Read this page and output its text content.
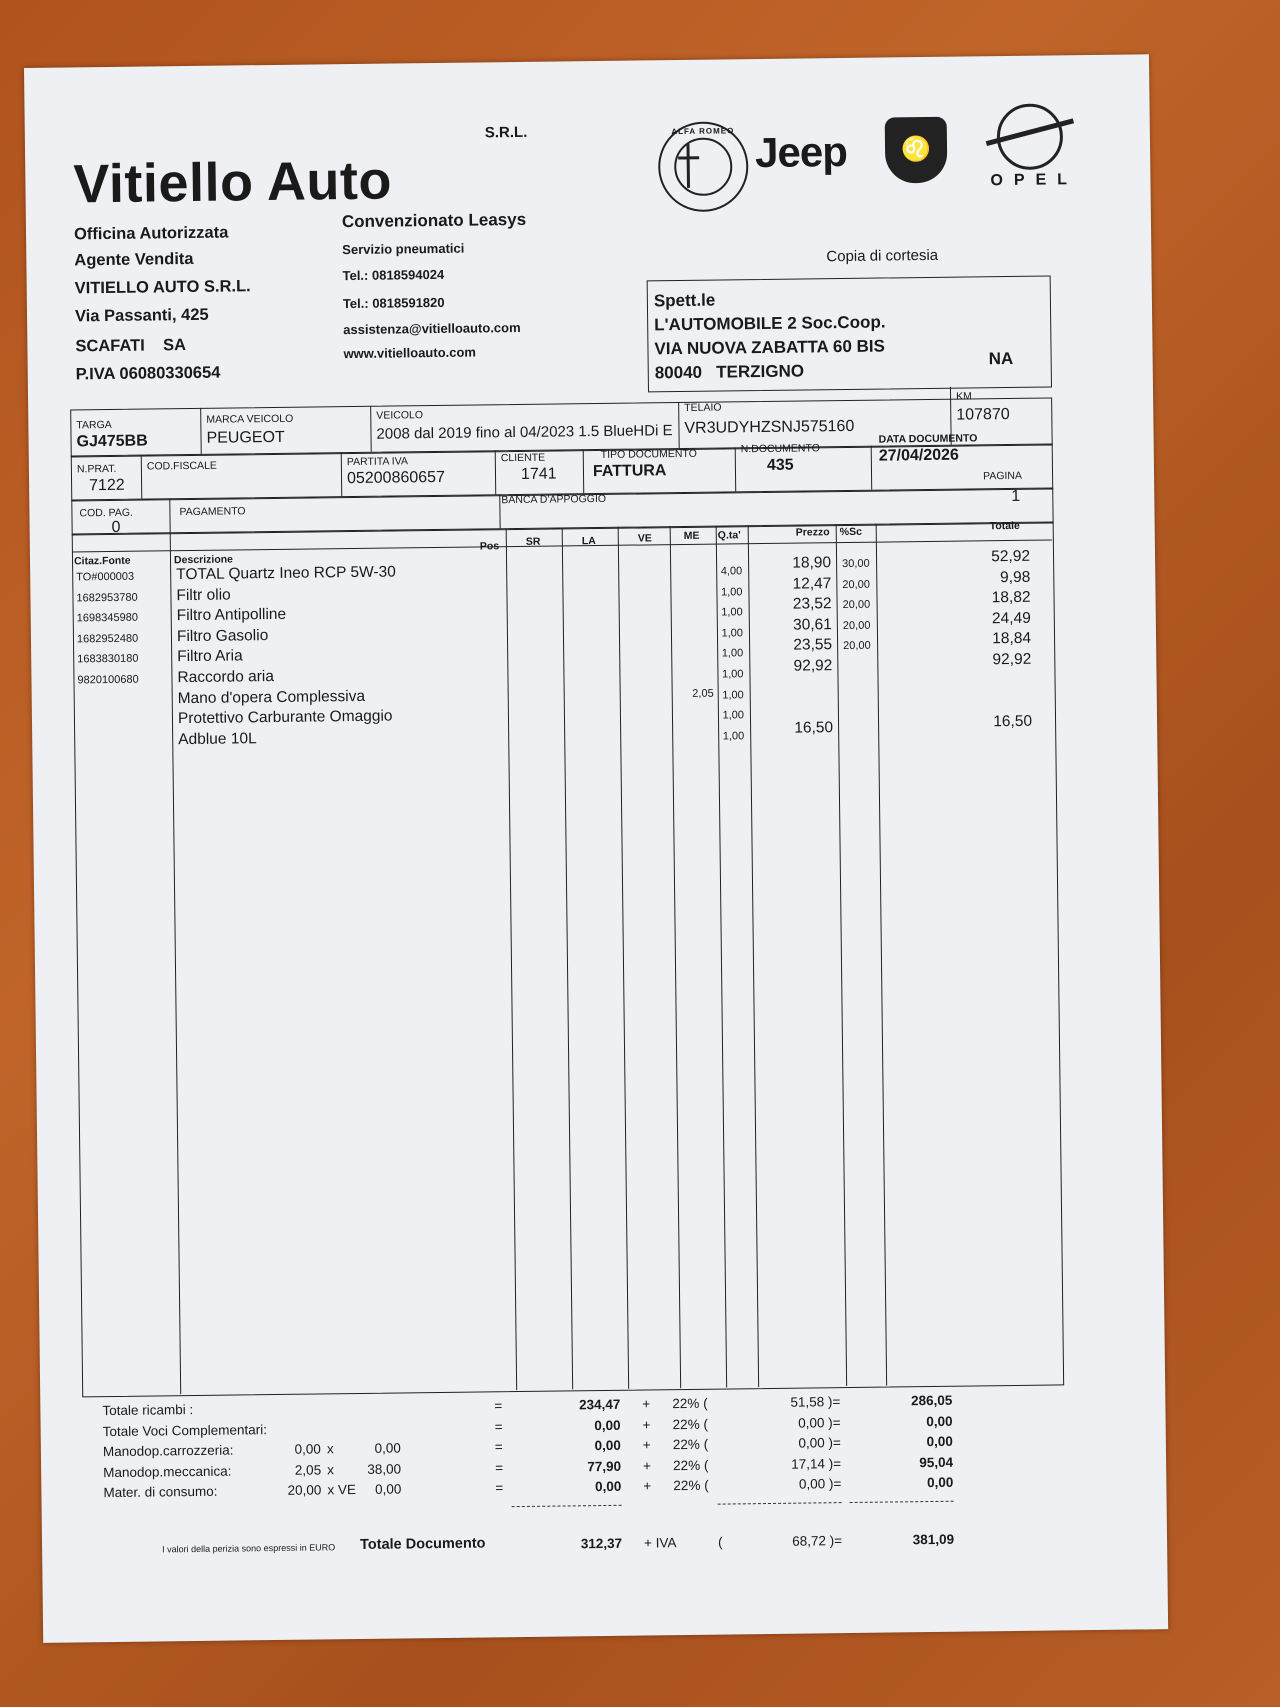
Vitiello Auto
S.R.L.
Officina Autorizzata
Agente Vendita
VITIELLO AUTO S.R.L.
Via Passanti, 425
SCAFATI    SA
P.IVA 06080330654
Convenzionato Leasys
Servizio pneumatici
Tel.: 0818594024
Tel.: 0818591820
assistenza@vitielloauto.com
www.vitielloauto.com
ALFA ROMEO Jeep	♌
OPEL
Copia di cortesia
Spett.le
L'AUTOMOBILE 2 Soc.Coop.
VIA NUOVA ZABATTA 60 BIS
80040   TERZIGNO
NA
TARGA
GJ475BB
MARCA VEICOLO
PEUGEOT
VEICOLO
2008 dal 2019 fino al 04/2023 1.5 BlueHDi E
TELAIO
VR3UDYHZSNJ575160
KM
107870
N.PRAT.
7122
COD.FISCALE	PARTITA IVA
05200860657
CLIENTE
1741
TIPO DOCUMENTO
FATTURA
N.DOCUMENTO
435
DATA DOCUMENTO
27/04/2026
PAGINA
1
COD. PAG.
0
PAGAMENTO
BANCA D'APPOGGIO
Citaz.Fonte	Descrizione
Pos	SR	LA	VE	ME Q.ta'	Prezzo %Sc	Totale
TO#000003	TOTAL Quartz Ineo RCP 5W-30	4,00	18,90 30,00	52,92
1682953780 Filtr olio	1,00	12,47 20,00	9,98
1698345980 Filtro Antipolline	1,00	23,52 20,00	18,82
1682952480 Filtro Gasolio	1,00	30,61 20,00	24,49
1683830180 Filtro Aria	1,00	23,55 20,00	18,84
9820100680 Raccordo aria	1,00	92,92	92,92
Mano d'opera Complessiva	2,05 1,00
Protettivo Carburante Omaggio	1,00
Adblue 10L	1,00	16,50	16,50
Totale ricambi :	=	234,47 + 22% (	51,58 )=	286,05
Totale Voci Complementari:	=	0,00 + 22% (	0,00 )=	0,00
Manodop.carrozzeria:	0,00 x	0,00	=	0,00 + 22% (	0,00 )=	0,00
Manodop.meccanica:	2,05 x	38,00	=	77,90 + 22% (	17,14 )=	95,04
Mater. di consumo:	20,00 x VE	0,00	=	0,00 + 22% (	0,00 )=	0,00
I valori della perizia sono espressi in EURO Totale Documento	312,37 + IVA	(	68,72 )=	381,09
